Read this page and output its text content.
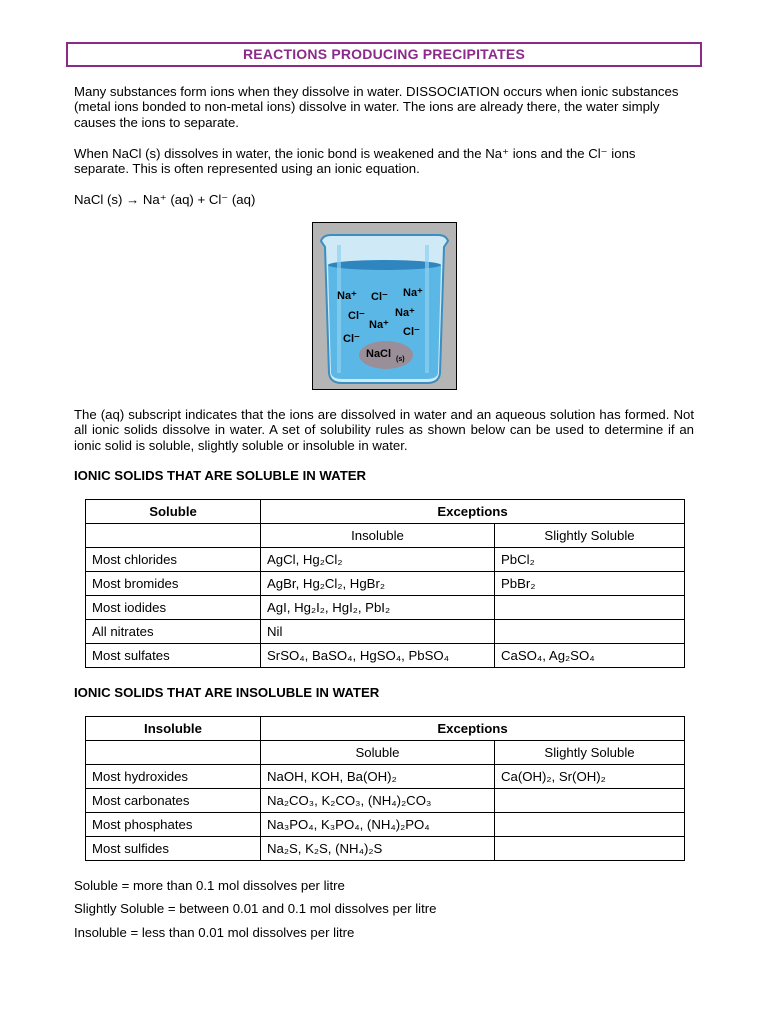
REACTIONS PRODUCING PRECIPITATES

Many substances form ions when they dissolve in water. DISSOCIATION occurs when ionic substances (metal ions bonded to non-metal ions) dissolve in water. The ions are already there, the water simply causes the ions to separate.

When NaCl (s) dissolves in water, the ionic bond is weakened and the Na⁺ ions and the Cl⁻ ions separate. This is often represented using an ionic equation.

NaCl (s) → Na⁺ (aq) + Cl⁻ (aq)

Na⁺ Cl⁻ Na⁺
Cl⁻
Na⁺
Na⁺
Cl⁻
Cl⁻
NaCl (s)

The (aq) subscript indicates that the ions are dissolved in water and an aqueous solution has formed. Not all ionic solids dissolve in water. A set of solubility rules as shown below can be used to determine if an ionic solid is soluble, slightly soluble or insoluble in water.

IONIC SOLIDS THAT ARE SOLUBLE IN WATER

Soluble	Exceptions	
	Insoluble	Slightly Soluble
Most chlorides	AgCl, Hg₂Cl₂	PbCl₂
Most bromides	AgBr, Hg₂Cl₂, HgBr₂	PbBr₂
Most iodides	AgI, Hg₂I₂, HgI₂, PbI₂	
All nitrates	Nil	
Most sulfates	SrSO₄, BaSO₄, HgSO₄, PbSO₄	CaSO₄, Ag₂SO₄

IONIC SOLIDS THAT ARE INSOLUBLE IN WATER

Insoluble	Exceptions	
	Soluble	Slightly Soluble
Most hydroxides	NaOH, KOH, Ba(OH)₂	Ca(OH)₂, Sr(OH)₂
Most carbonates	Na₂CO₃, K₂CO₃, (NH₄)₂CO₃	
Most phosphates	Na₃PO₄, K₃PO₄, (NH₄)₂PO₄	
Most sulfides	Na₂S, K₂S, (NH₄)₂S	

Soluble = more than 0.1 mol dissolves per litre

Slightly Soluble = between 0.01 and 0.1 mol dissolves per litre

Insoluble = less than 0.01 mol dissolves per litre
